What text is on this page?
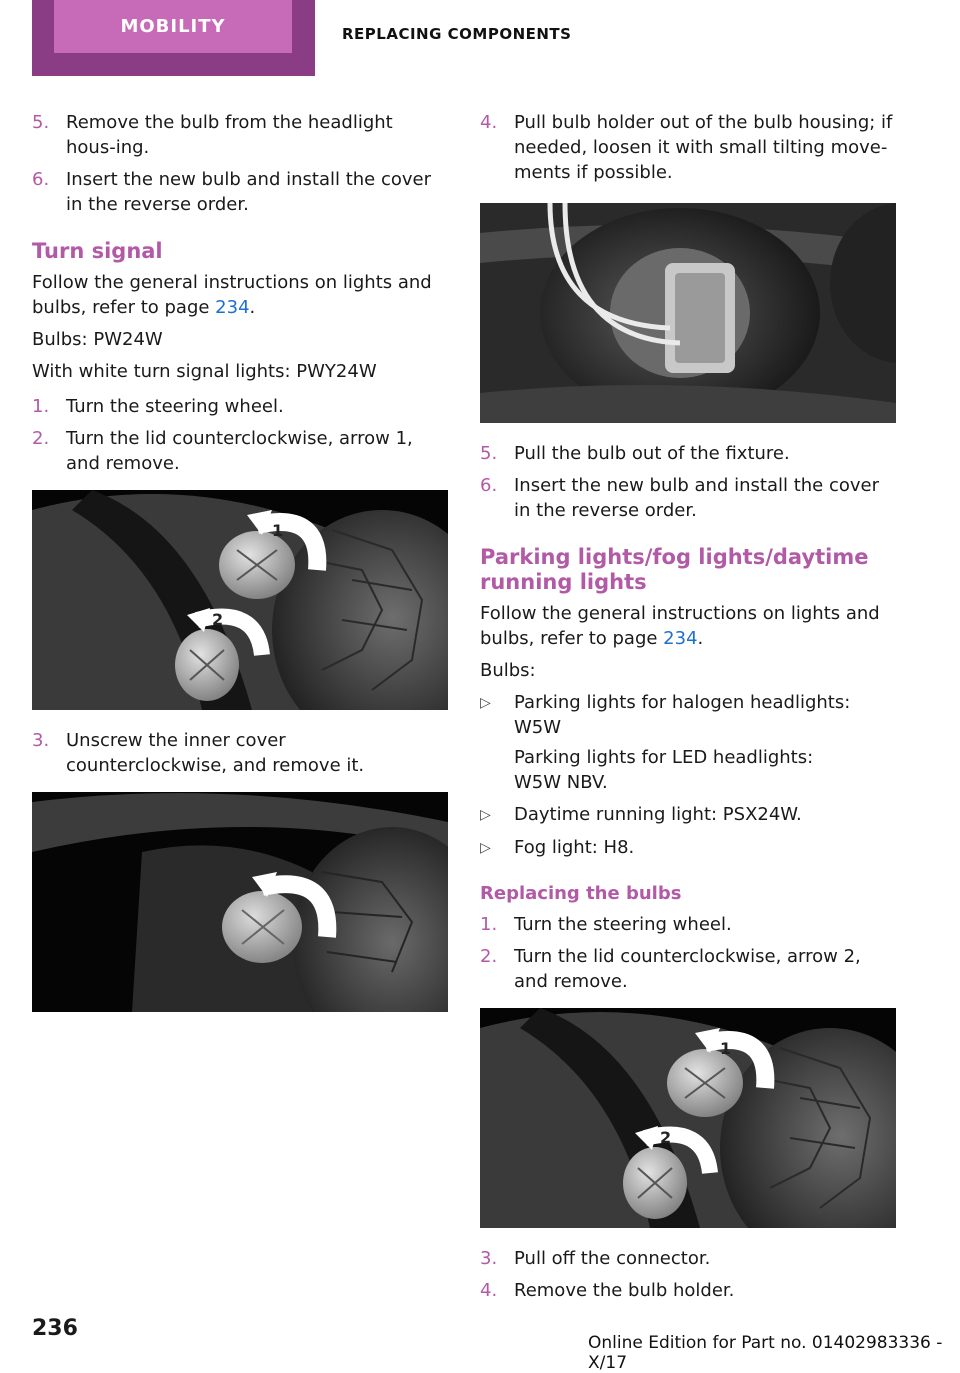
MOBILITY	REPLACING COMPONENTS
5. Remove the bulb from the headlight hous‐ing.
6. Insert the new bulb and install the cover in the reverse order.
Turn signal

Follow the general instructions on lights and bulbs, refer to page 234.

Bulbs: PW24W

With white turn signal lights: PWY24W

1. Turn the steering wheel.
2. Turn the lid counterclockwise, arrow 1, and remove.
1
2
3. Unscrew the inner cover counterclockwise, and remove it.
4. Pull bulb holder out of the bulb housing; if needed, loosen it with small tilting move‐ments if possible.
5. Pull the bulb out of the fixture.
6. Insert the new bulb and install the cover in the reverse order.
Parking lights/fog lights/daytime running lights

Follow the general instructions on lights and bulbs, refer to page 234.

Bulbs:

▷	Parking lights for halogen headlights: W5W
Parking lights for LED headlights:
W5W NBV.
▷	Daytime running light: PSX24W.
▷	Fog light: H8.
Replacing the bulbs
1. Turn the steering wheel.
2. Turn the lid counterclockwise, arrow 2, and remove.
1
2
3. Pull off the connector.
4. Remove the bulb holder.
236
Online Edition for Part no. 01402983336 - X/17
